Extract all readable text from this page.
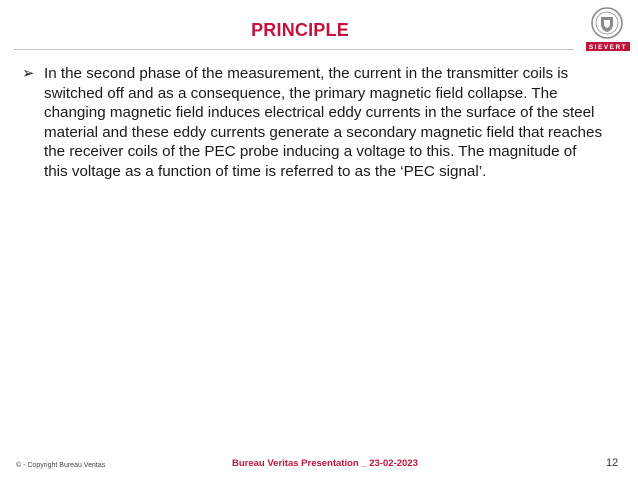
PRINCIPLE
SIEVERT
➢ In the second phase of the measurement, the current in the transmitter coils is switched off and as a consequence, the primary magnetic field collapse. The changing magnetic field induces electrical eddy currents in the surface of the steel material and these eddy currents generate a secondary magnetic field that reaches the receiver coils of the PEC probe inducing a voltage to this. The magnitude of this voltage as a function of time is referred to as the ‘PEC signal’.
© - Copyright Bureau Veritas	Bureau Veritas Presentation _ 23-02-2023	12
